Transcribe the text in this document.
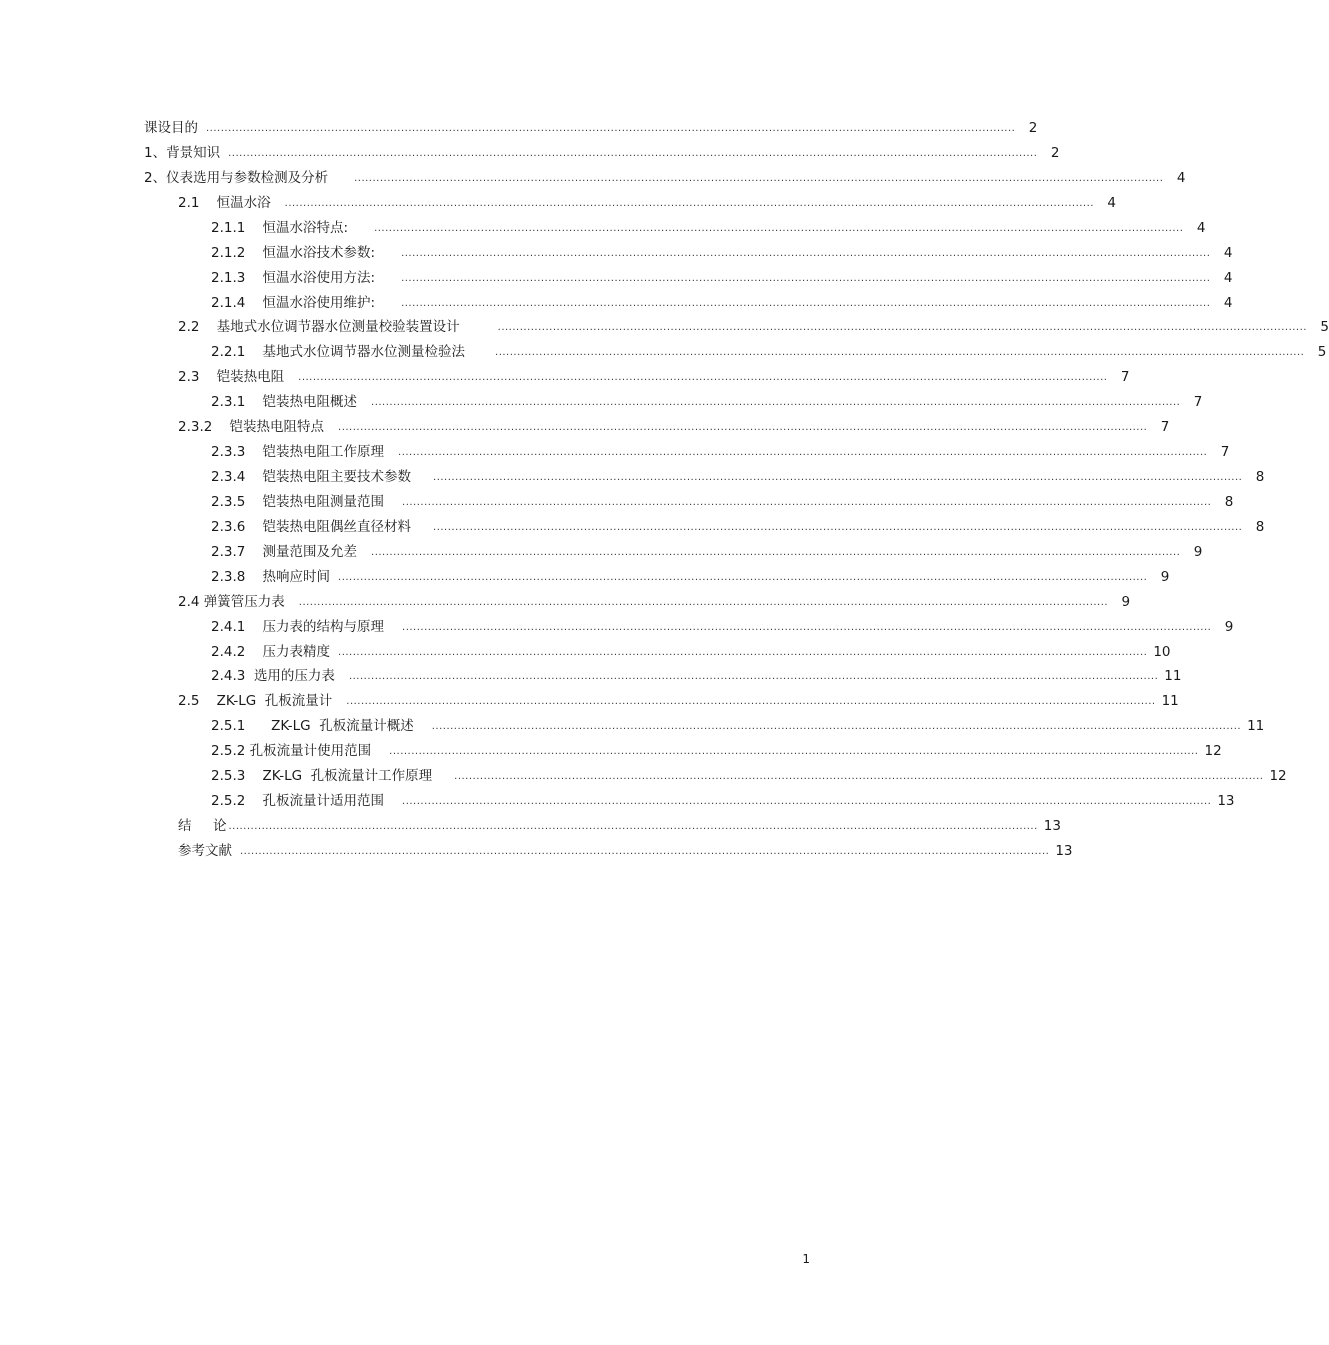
课设目的 ............................................................................................................................................................................................................................ 2
1、 背景知识 ............................................................................................................................................................................................................................ 2
2、 仪表选用与参数检测及分析	............................................................................................................................................................................................................................ 4
2.1 恒温水浴 ............................................................................................................................................................................................................................ 4
2.1.1 恒温水浴特点:	............................................................................................................................................................................................................................ 4
2.1.2 恒温水浴技术参数:	............................................................................................................................................................................................................................ 4
2.1.3 恒温水浴使用方法:	............................................................................................................................................................................................................................ 4
2.1.4 恒温水浴使用维护:	............................................................................................................................................................................................................................ 4
2.2 基地式水位调节器水位测量校验装置设计	............................................................................................................................................................................................................................ 5
2.2.1 基地式水位调节器水位测量检验法	............................................................................................................................................................................................................................ 5
2.3 铠装热电阻 ............................................................................................................................................................................................................................ 7
2.3.1 铠装热电阻概述 ............................................................................................................................................................................................................................ 7
2.3.2 铠装热电阻特点 ............................................................................................................................................................................................................................ 7
2.3.3 铠装热电阻工作原理 ............................................................................................................................................................................................................................ 7
2.3.4 铠装热电阻主要技术参数 ............................................................................................................................................................................................................................ 8
2.3.5 铠装热电阻测量范围 ............................................................................................................................................................................................................................ 8
2.3.6 铠装热电阻偶丝直径材料 ............................................................................................................................................................................................................................ 8
2.3.7 测量范围及允差 ............................................................................................................................................................................................................................ 9
2.3.8 热响应时间 ............................................................................................................................................................................................................................ 9
2.4 弹簧管压力表 ............................................................................................................................................................................................................................ 9
2.4.1 压力表的结构与原理 ............................................................................................................................................................................................................................ 9
2.4.2 压力表精度 ............................................................................................................................................................................................................................ 10
2.4.3 选用的压力表 ............................................................................................................................................................................................................................ 11
2.5 ZK-LG  孔板流量计 ............................................................................................................................................................................................................................ 11
2.5.1 ZK-LG  孔板流量计概述 ............................................................................................................................................................................................................................ 11
2.5.2 孔板流量计使用范围 ............................................................................................................................................................................................................................ 12
2.5.3 ZK-LG  孔板流量计工作原理 ............................................................................................................................................................................................................................ 12
2.5.2 孔板流量计适用范围 ............................................................................................................................................................................................................................ 13
结     论 ............................................................................................................................................................................................................................ 13
参考文献 ............................................................................................................................................................................................................................ 13
1
